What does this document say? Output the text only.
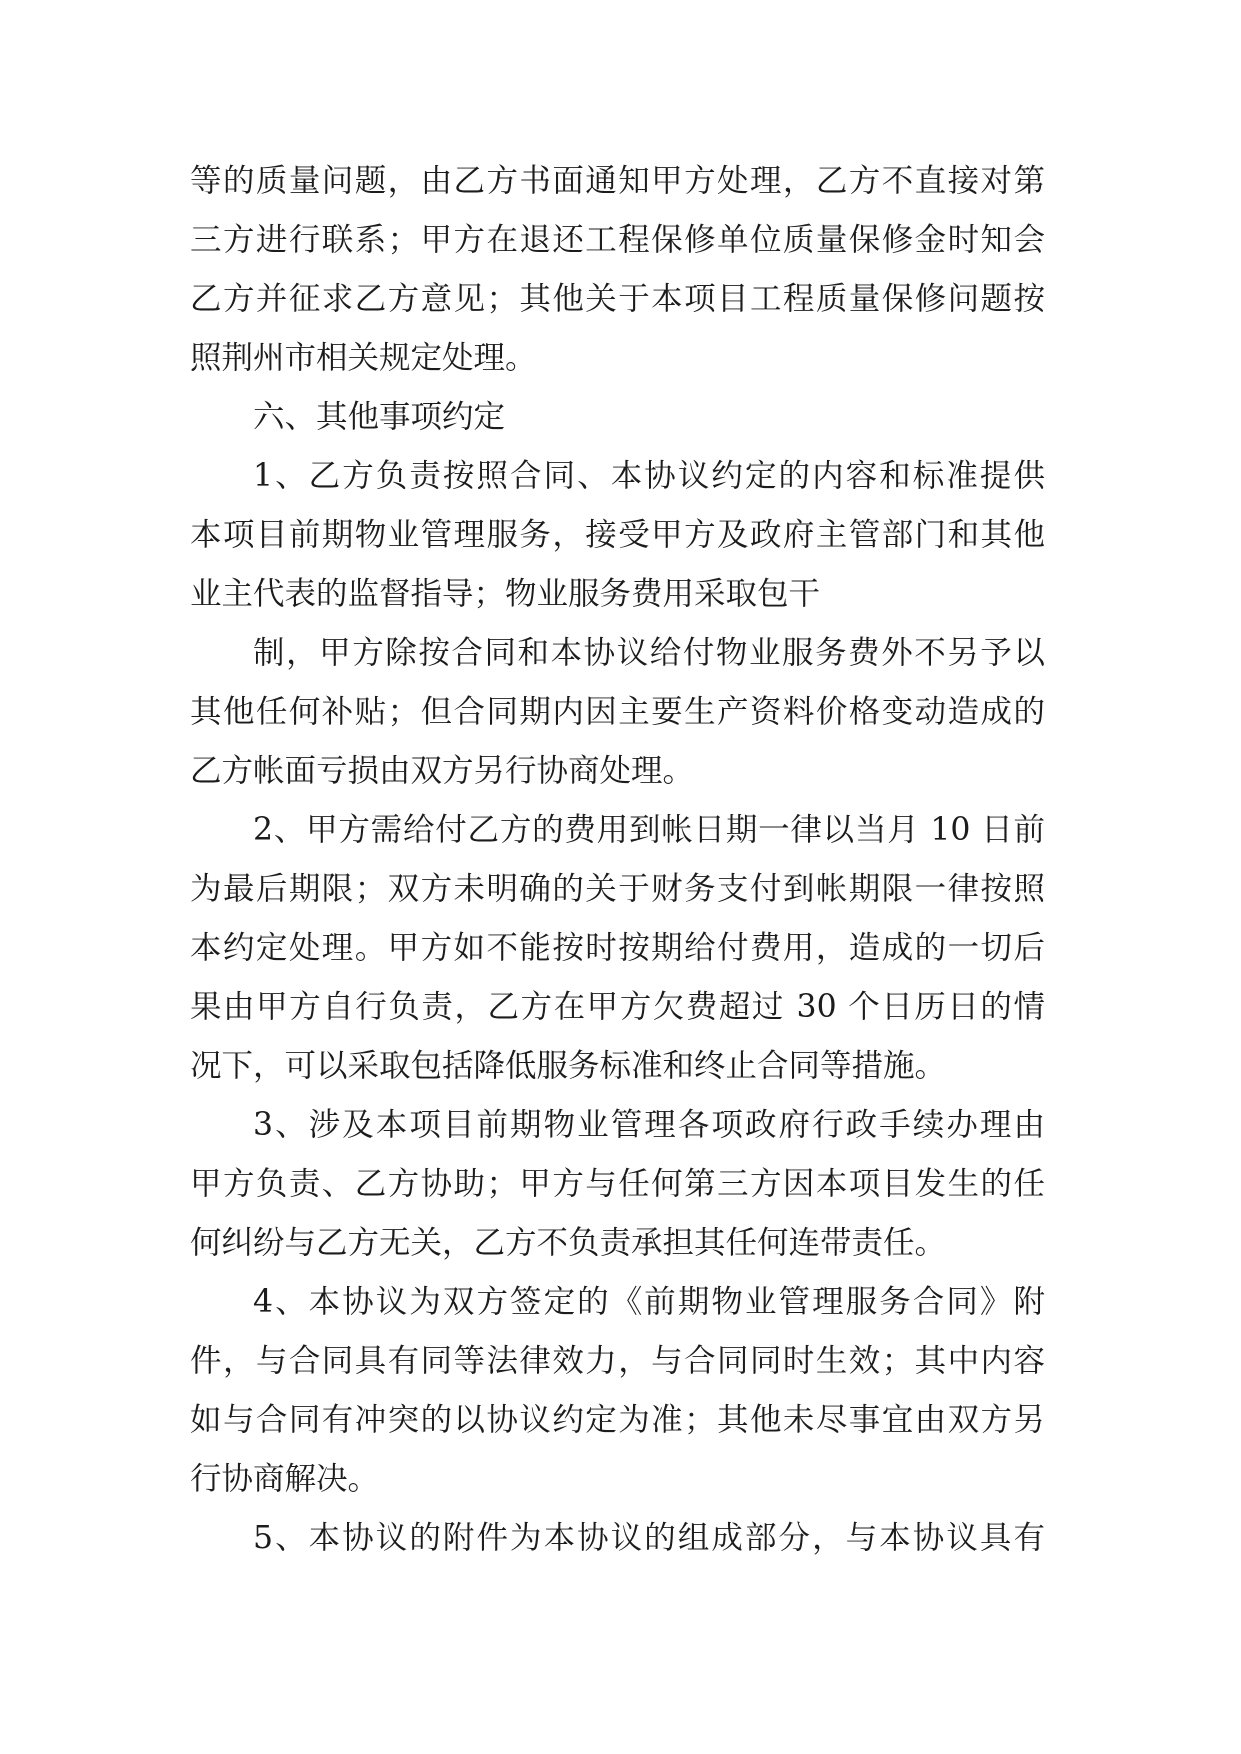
等的质量问题，由乙方书面通知甲方处理，乙方不直接对第
三方进行联系；甲方在退还工程保修单位质量保修金时知会
乙方并征求乙方意见；其他关于本项目工程质量保修问题按
照荆州市相关规定处理。
六、其他事项约定
1、乙方负责按照合同、本协议约定的内容和标准提供
本项目前期物业管理服务，接受甲方及政府主管部门和其他
业主代表的监督指导；物业服务费用采取包干
制，甲方除按合同和本协议给付物业服务费外不另予以
其他任何补贴；但合同期内因主要生产资料价格变动造成的
乙方帐面亏损由双方另行协商处理。
2、甲方需给付乙方的费用到帐日期一律以当月 10 日前
为最后期限；双方未明确的关于财务支付到帐期限一律按照
本约定处理。甲方如不能按时按期给付费用，造成的一切后
果由甲方自行负责，乙方在甲方欠费超过 30 个日历日的情
况下，可以采取包括降低服务标准和终止合同等措施。
3、涉及本项目前期物业管理各项政府行政手续办理由
甲方负责、乙方协助；甲方与任何第三方因本项目发生的任
何纠纷与乙方无关，乙方不负责承担其任何连带责任。
4、本协议为双方签定的《前期物业管理服务合同》附
件，与合同具有同等法律效力，与合同同时生效；其中内容
如与合同有冲突的以协议约定为准；其他未尽事宜由双方另
行协商解决。
5、本协议的附件为本协议的组成部分，与本协议具有
